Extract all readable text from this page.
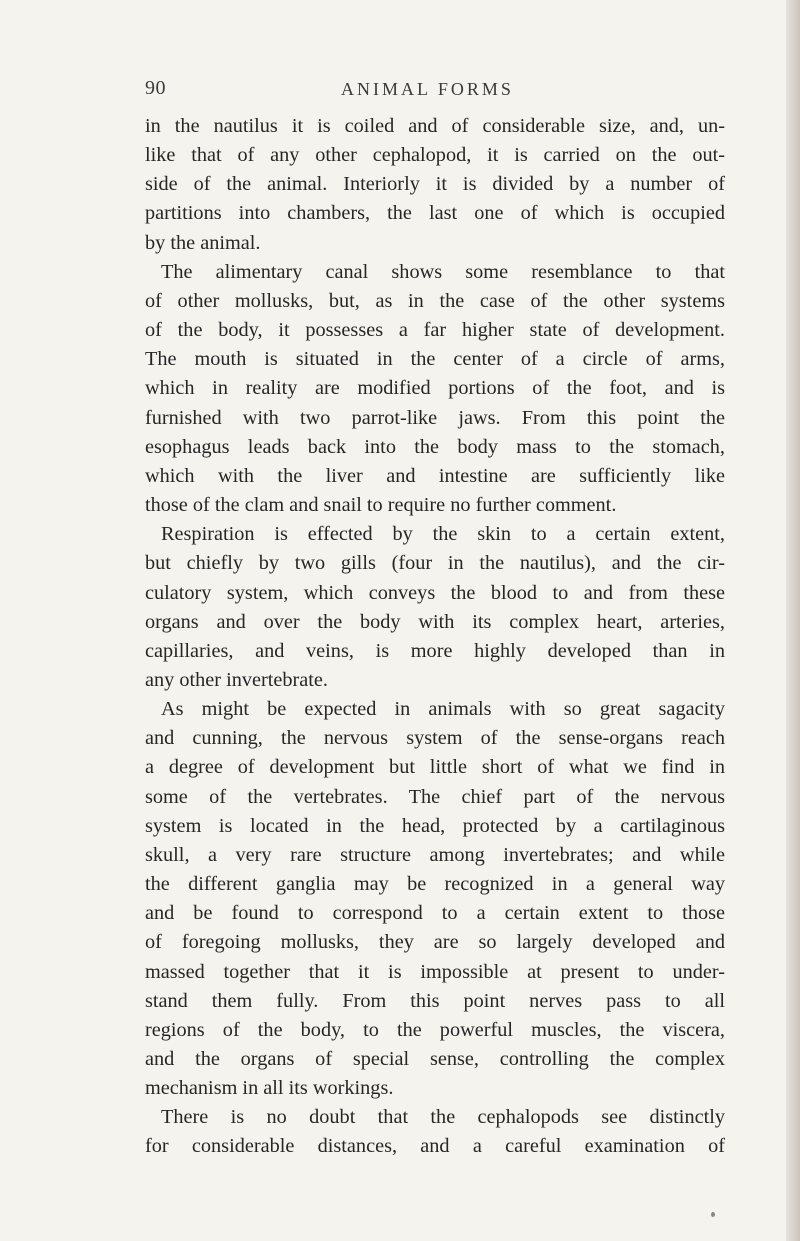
90	ANIMAL FORMS
in the nautilus it is coiled and of considerable size, and, un-
like that of any other cephalopod, it is carried on the out-
side of the animal. Interiorly it is divided by a number of
partitions into chambers, the last one of which is occupied
by the animal.
The alimentary canal shows some resemblance to that
of other mollusks, but, as in the case of the other systems
of the body, it possesses a far higher state of development.
The mouth is situated in the center of a circle of arms,
which in reality are modified portions of the foot, and is
furnished with two parrot-like jaws. From this point the
esophagus leads back into the body mass to the stomach,
which with the liver and intestine are sufficiently like
those of the clam and snail to require no further comment.
Respiration is effected by the skin to a certain extent,
but chiefly by two gills (four in the nautilus), and the cir-
culatory system, which conveys the blood to and from these
organs and over the body with its complex heart, arteries,
capillaries, and veins, is more highly developed than in
any other invertebrate.
As might be expected in animals with so great sagacity
and cunning, the nervous system of the sense-organs reach
a degree of development but little short of what we find in
some of the vertebrates. The chief part of the nervous
system is located in the head, protected by a cartilaginous
skull, a very rare structure among invertebrates; and while
the different ganglia may be recognized in a general way
and be found to correspond to a certain extent to those
of foregoing mollusks, they are so largely developed and
massed together that it is impossible at present to under-
stand them fully. From this point nerves pass to all
regions of the body, to the powerful muscles, the viscera,
and the organs of special sense, controlling the complex
mechanism in all its workings.
There is no doubt that the cephalopods see distinctly
for considerable distances, and a careful examination of
